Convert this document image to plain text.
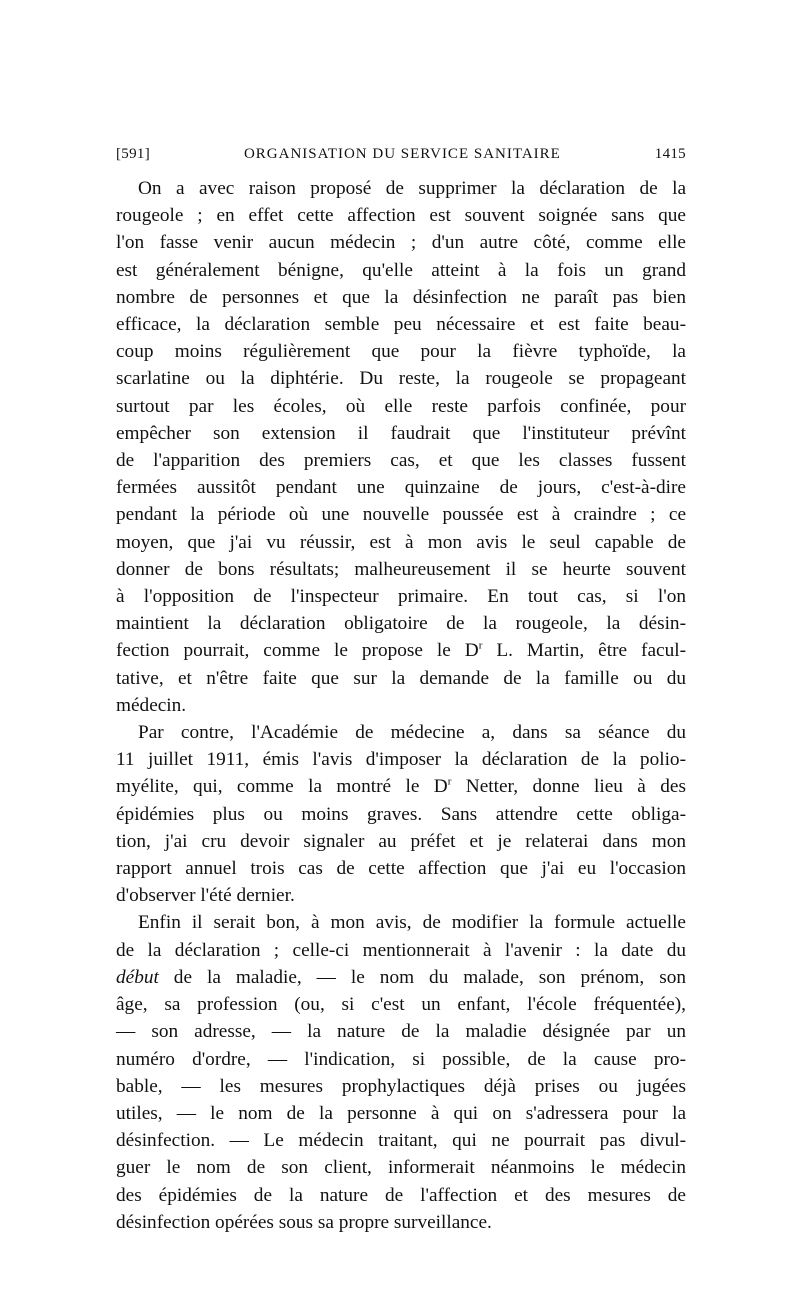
[591]	ORGANISATION DU SERVICE SANITAIRE	1415

On a avec raison proposé de supprimer la déclaration de la
rougeole ; en effet cette affection est souvent soignée sans que
l'on fasse venir aucun médecin ; d'un autre côté, comme elle
est généralement bénigne, qu'elle atteint à la fois un grand
nombre de personnes et que la désinfection ne paraît pas bien
efficace, la déclaration semble peu nécessaire et est faite beau-
coup moins régulièrement que pour la fièvre typhoïde, la
scarlatine ou la diphtérie. Du reste, la rougeole se propageant
surtout par les écoles, où elle reste parfois confinée, pour
empêcher son extension il faudrait que l'instituteur prévînt
de l'apparition des premiers cas, et que les classes fussent
fermées aussitôt pendant une quinzaine de jours, c'est-à-dire
pendant la période où une nouvelle poussée est à craindre ; ce
moyen, que j'ai vu réussir, est à mon avis le seul capable de
donner de bons résultats; malheureusement il se heurte souvent
à l'opposition de l'inspecteur primaire. En tout cas, si l'on
maintient la déclaration obligatoire de la rougeole, la désin-
fection pourrait, comme le propose le $D^r$ L. Martin, être facul-
tative, et n'être faite que sur la demande de la famille ou du
médecin.

Par contre, l'Académie de médecine a, dans sa séance du
11 juillet 1911, émis l'avis d'imposer la déclaration de la polio-
myélite, qui, comme la montré le $D^r$ Netter, donne lieu à des
épidémies plus ou moins graves. Sans attendre cette obliga-
tion, j'ai cru devoir signaler au préfet et je relaterai dans mon
rapport annuel trois cas de cette affection que j'ai eu l'occasion
d'observer l'été dernier.

Enfin il serait bon, à mon avis, de modifier la formule actuelle
de la déclaration ; celle-ci mentionnerait à l'avenir : la date du
début de la maladie, — le nom du malade, son prénom, son
âge, sa profession (ou, si c'est un enfant, l'école fréquentée),
— son adresse, — la nature de la maladie désignée par un
numéro d'ordre, — l'indication, si possible, de la cause pro-
bable, — les mesures prophylactiques déjà prises ou jugées
utiles, — le nom de la personne à qui on s'adressera pour la
désinfection. — Le médecin traitant, qui ne pourrait pas divul-
guer le nom de son client, informerait néanmoins le médecin
des épidémies de la nature de l'affection et des mesures de
désinfection opérées sous sa propre surveillance.
